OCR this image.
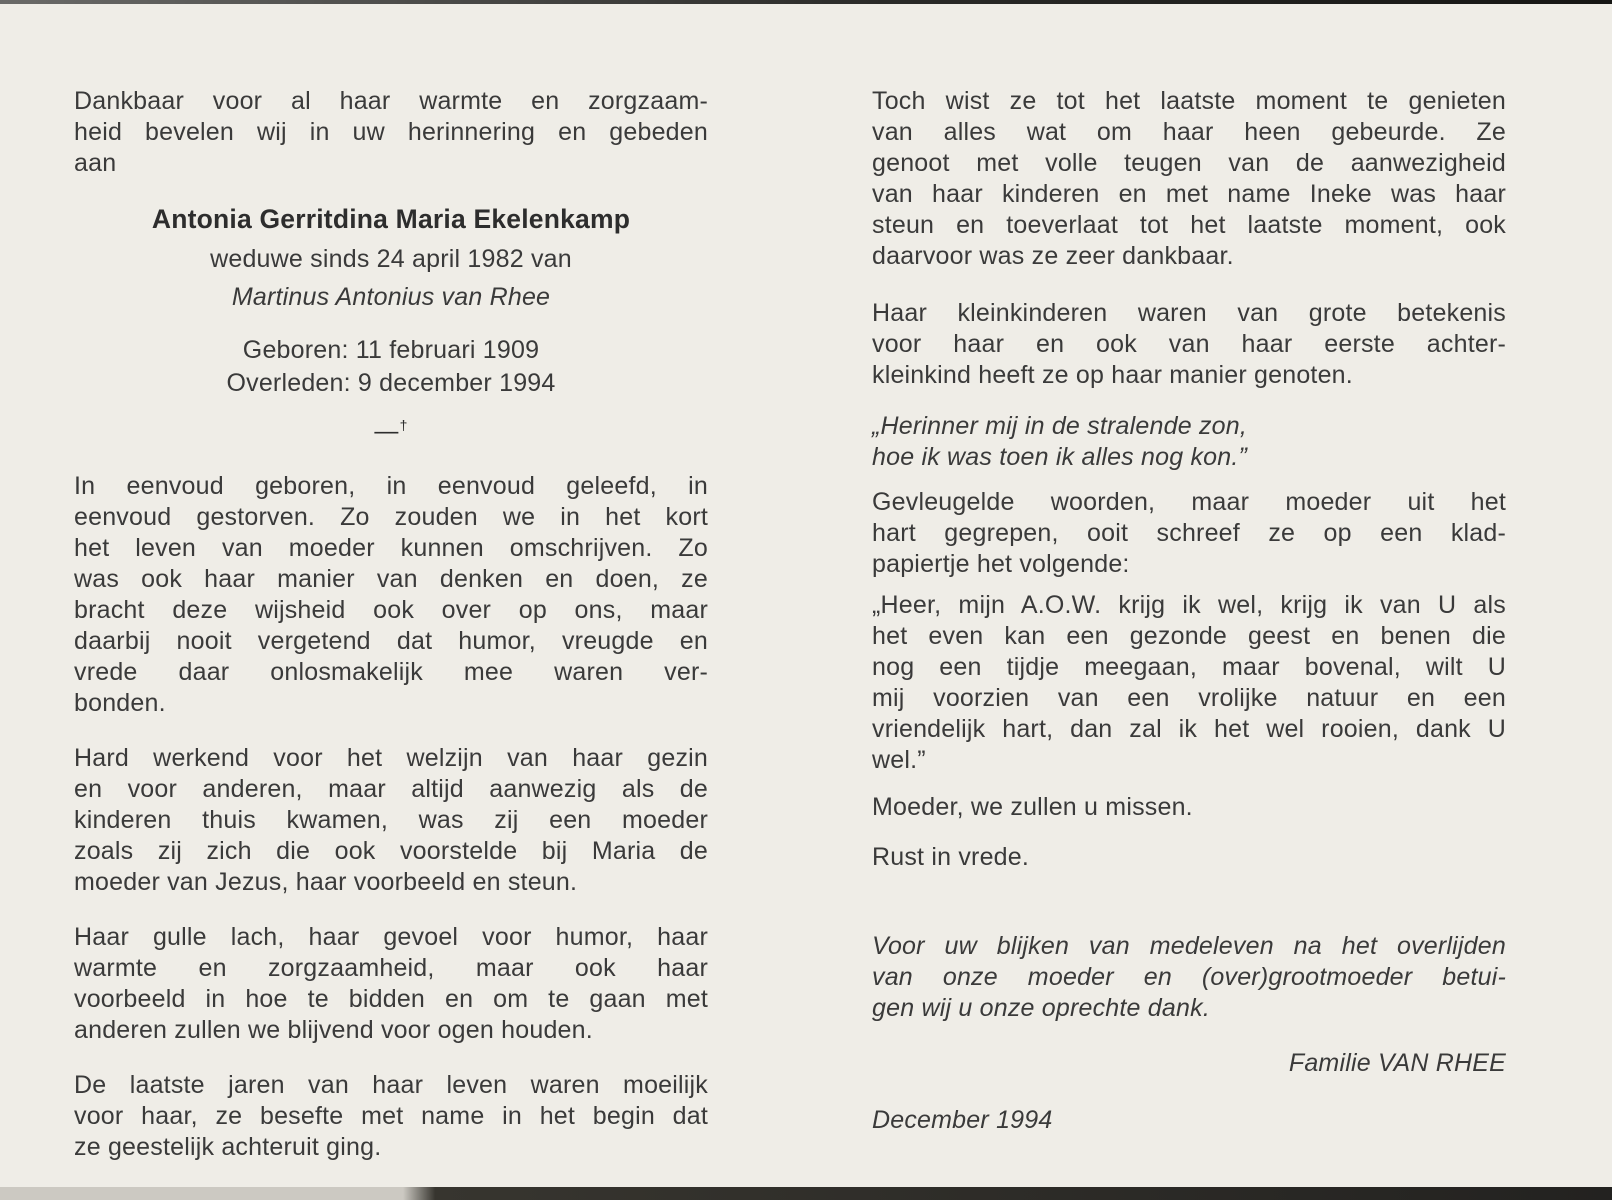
Dankbaar voor al haar warmte en zorgzaam-
heid bevelen wij in uw herinnering en gebeden
aan

Antonia Gerritdina Maria Ekelenkamp
weduwe sinds 24 april 1982 van
Martinus Antonius van Rhee
Geboren: 11 februari 1909
Overleden: 9 december 1994
—†

In eenvoud geboren, in eenvoud geleefd, in
eenvoud gestorven. Zo zouden we in het kort
het leven van moeder kunnen omschrijven. Zo
was ook haar manier van denken en doen, ze
bracht deze wijsheid ook over op ons, maar
daarbij nooit vergetend dat humor, vreugde en
vrede daar onlosmakelijk mee waren ver-
bonden.

Hard werkend voor het welzijn van haar gezin
en voor anderen, maar altijd aanwezig als de
kinderen thuis kwamen, was zij een moeder
zoals zij zich die ook voorstelde bij Maria de
moeder van Jezus, haar voorbeeld en steun.

Haar gulle lach, haar gevoel voor humor, haar
warmte en zorgzaamheid, maar ook haar
voorbeeld in hoe te bidden en om te gaan met
anderen zullen we blijvend voor ogen houden.

De laatste jaren van haar leven waren moeilijk
voor haar, ze besefte met name in het begin dat
ze geestelijk achteruit ging.

Toch wist ze tot het laatste moment te genieten
van alles wat om haar heen gebeurde. Ze
genoot met volle teugen van de aanwezigheid
van haar kinderen en met name Ineke was haar
steun en toeverlaat tot het laatste moment, ook
daarvoor was ze zeer dankbaar.

Haar kleinkinderen waren van grote betekenis
voor haar en ook van haar eerste achter-
kleinkind heeft ze op haar manier genoten.

„Herinner mij in de stralende zon,
hoe ik was toen ik alles nog kon.”

Gevleugelde woorden, maar moeder uit het
hart gegrepen, ooit schreef ze op een klad-
papiertje het volgende:

„Heer, mijn A.O.W. krijg ik wel, krijg ik van U als
het even kan een gezonde geest en benen die
nog een tijdje meegaan, maar bovenal, wilt U
mij voorzien van een vrolijke natuur en een
vriendelijk hart, dan zal ik het wel rooien, dank U
wel.”

Moeder, we zullen u missen.

Rust in vrede.

Voor uw blijken van medeleven na het overlijden
van onze moeder en (over)grootmoeder betui-
gen wij u onze oprechte dank.

Familie VAN RHEE
December 1994
